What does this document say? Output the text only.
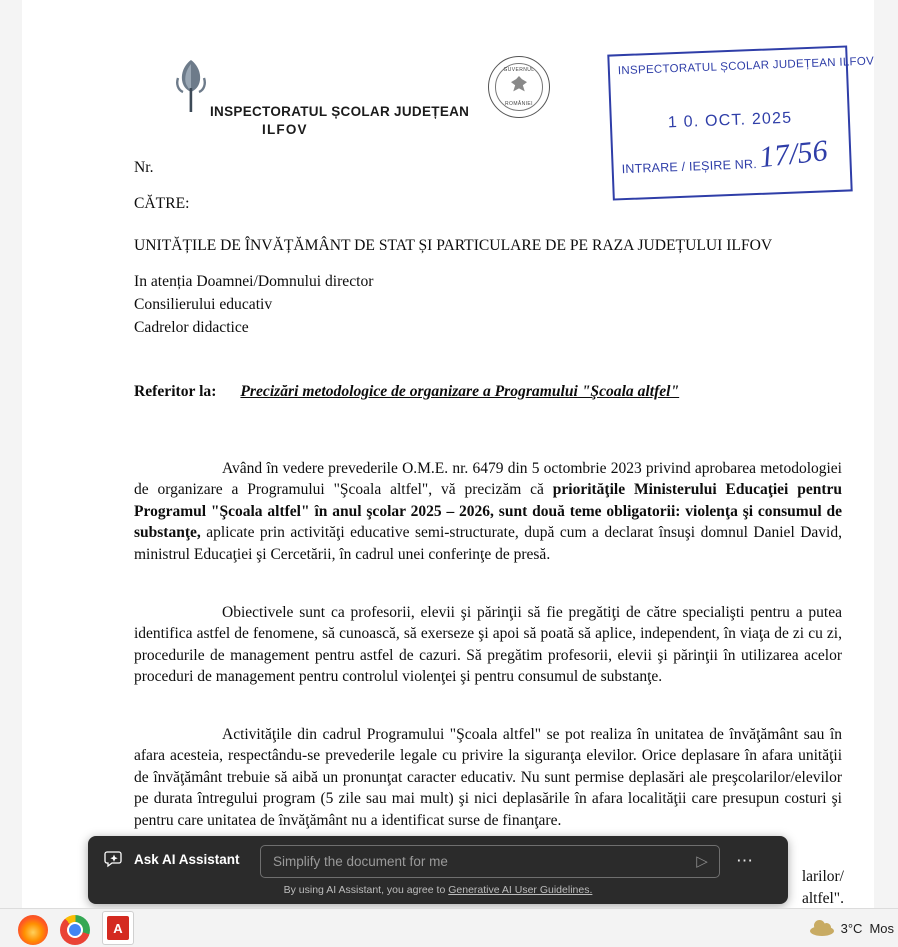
INSPECTORATUL ȘCOLAR JUDEȚEAN
ILFOV
GUVERNUL
ROMÂNIEI
INSPECTORATUL ȘCOLAR JUDEȚEAN ILFOV
1 0. OCT. 2025
INTRARE / IEȘIRE NR. 17/56
Nr.
CĂTRE:
UNITĂȚILE DE ÎNVĂȚĂMÂNT DE STAT ȘI PARTICULARE DE PE RAZA JUDEȚULUI ILFOV
In atenția Doamnei/Domnului director
Consilierului educativ
Cadrelor didactice
Referitor la: Precizări metodologice de organizare a Programului "Şcoala altfel"

Având în vedere prevederile O.M.E. nr. 6479 din 5 octombrie 2023 privind aprobarea metodologiei de organizare a Programului "Şcoala altfel", vă precizăm că priorităţile Ministerului Educaţiei pentru Programul "Şcoala altfel" în anul şcolar 2025 – 2026, sunt două teme obligatorii: violenţa şi consumul de substanţe, aplicate prin activităţi educative semi-structurate, după cum a declarat însuşi domnul Daniel David, ministrul Educaţiei şi Cercetării, în cadrul unei conferinţe de presă.

Obiectivele sunt ca profesorii, elevii şi părinţii să fie pregătiţi de către specialişti pentru a putea identifica astfel de fenomene, să cunoască, să exerseze şi apoi să poată să aplice, independent, în viaţa de zi cu zi, procedurile de management pentru astfel de cazuri. Să pregătim profesorii, elevii şi părinţii în utilizarea acelor proceduri de management pentru controlul violenţei şi pentru consumul de substanţe.

Activităţile din cadrul Programului "Şcoala altfel" se pot realiza în unitatea de învăţământ sau în afara acesteia, respectându-se prevederile legale cu privire la siguranţa elevilor. Orice deplasare în afara unităţii de învăţământ trebuie să aibă un pronunţat caracter educativ. Nu sunt permise deplasări ale preşcolarilor/elevilor pe durata întregului program (5 zile sau mai mult) şi nici deplasările în afara localităţii care presupun costuri şi pentru care unitatea de învăţământ nu a identificat surse de finanţare.

larilor/
altfel".
Ask AI Assistant
Simplify the document for me	▷ ⋯
By using AI Assistant, you agree to Generative AI User Guidelines.
A	3°C Mos
